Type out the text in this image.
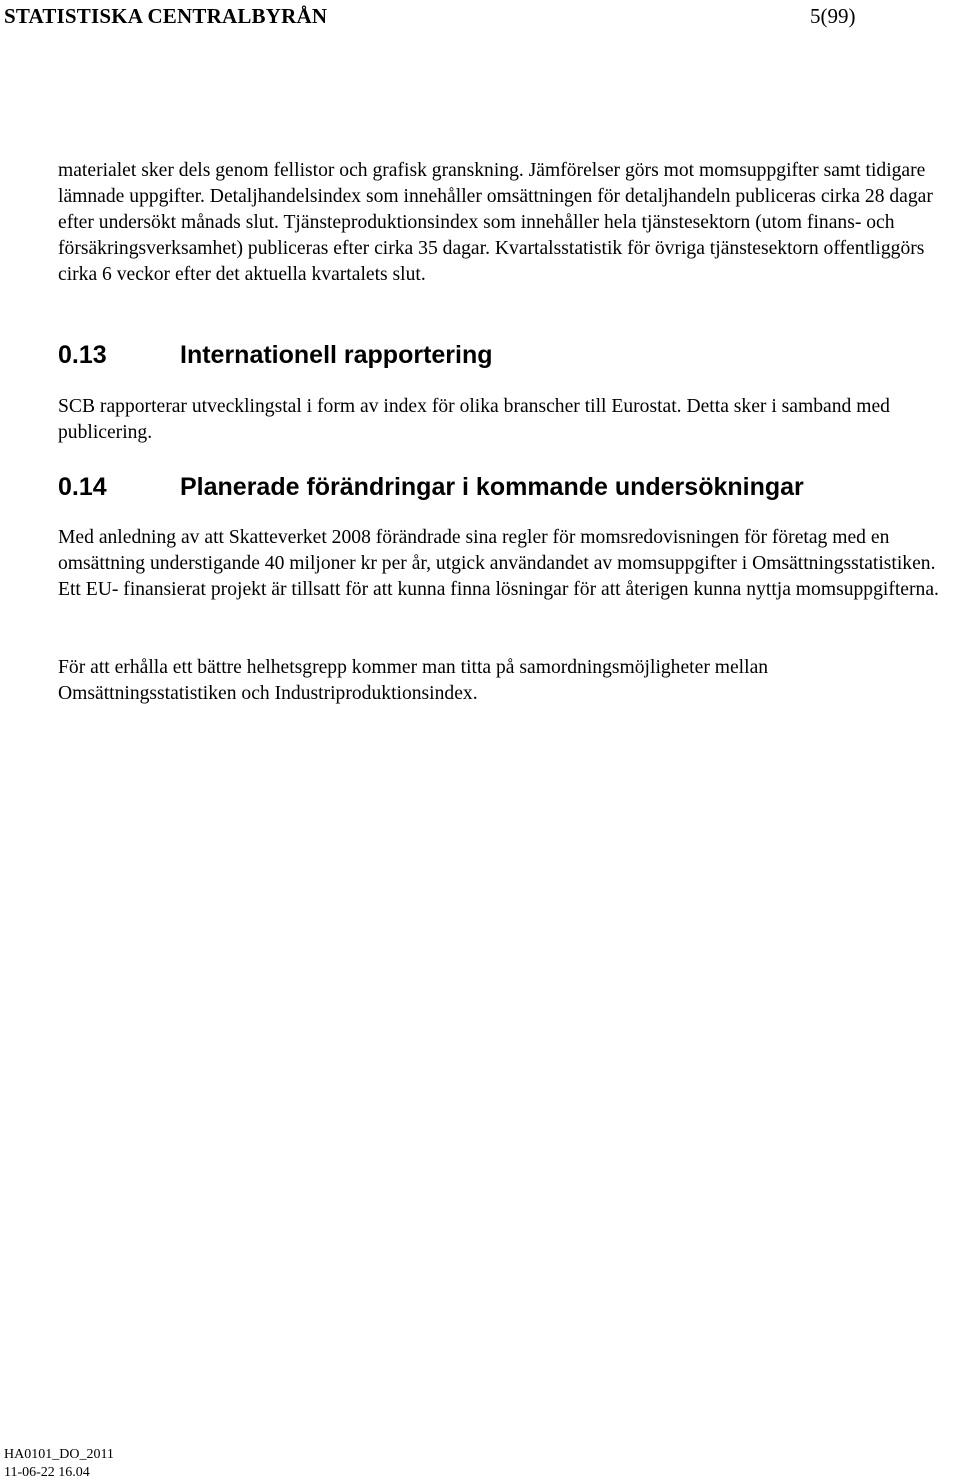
STATISTISKA CENTRALBYRÅN	5(99)

materialet sker dels genom fellistor och grafisk granskning. Jämförelser görs mot momsuppgifter samt tidigare lämnade uppgifter. Detaljhandelsindex som innehåller omsättningen för detaljhandeln publiceras cirka 28 dagar efter undersökt månads slut. Tjänsteproduktionsindex som innehåller hela tjänstesektorn (utom finans- och försäkringsverksamhet) publiceras efter cirka 35 dagar. Kvartalsstatistik för övriga tjänstesektorn offentliggörs cirka 6 veckor efter det aktuella kvartalets slut.

0.13	Internationell rapportering

SCB rapporterar utvecklingstal i form av index för olika branscher till Eurostat. Detta sker i samband med publicering.

0.14	Planerade förändringar i kommande undersökningar

Med anledning av att Skatteverket 2008 förändrade sina regler för momsredovisningen för företag med en omsättning understigande 40 miljoner kr per år, utgick användandet av momsuppgifter i Omsättningsstatistiken. Ett EU- finansierat projekt är tillsatt för att kunna finna lösningar för att återigen kunna nyttja momsuppgifterna.

För att erhålla ett bättre helhetsgrepp kommer man titta på samordningsmöjligheter mellan Omsättningsstatistiken och Industriproduktionsindex.

HA0101_DO_2011
11-06-22 16.04
